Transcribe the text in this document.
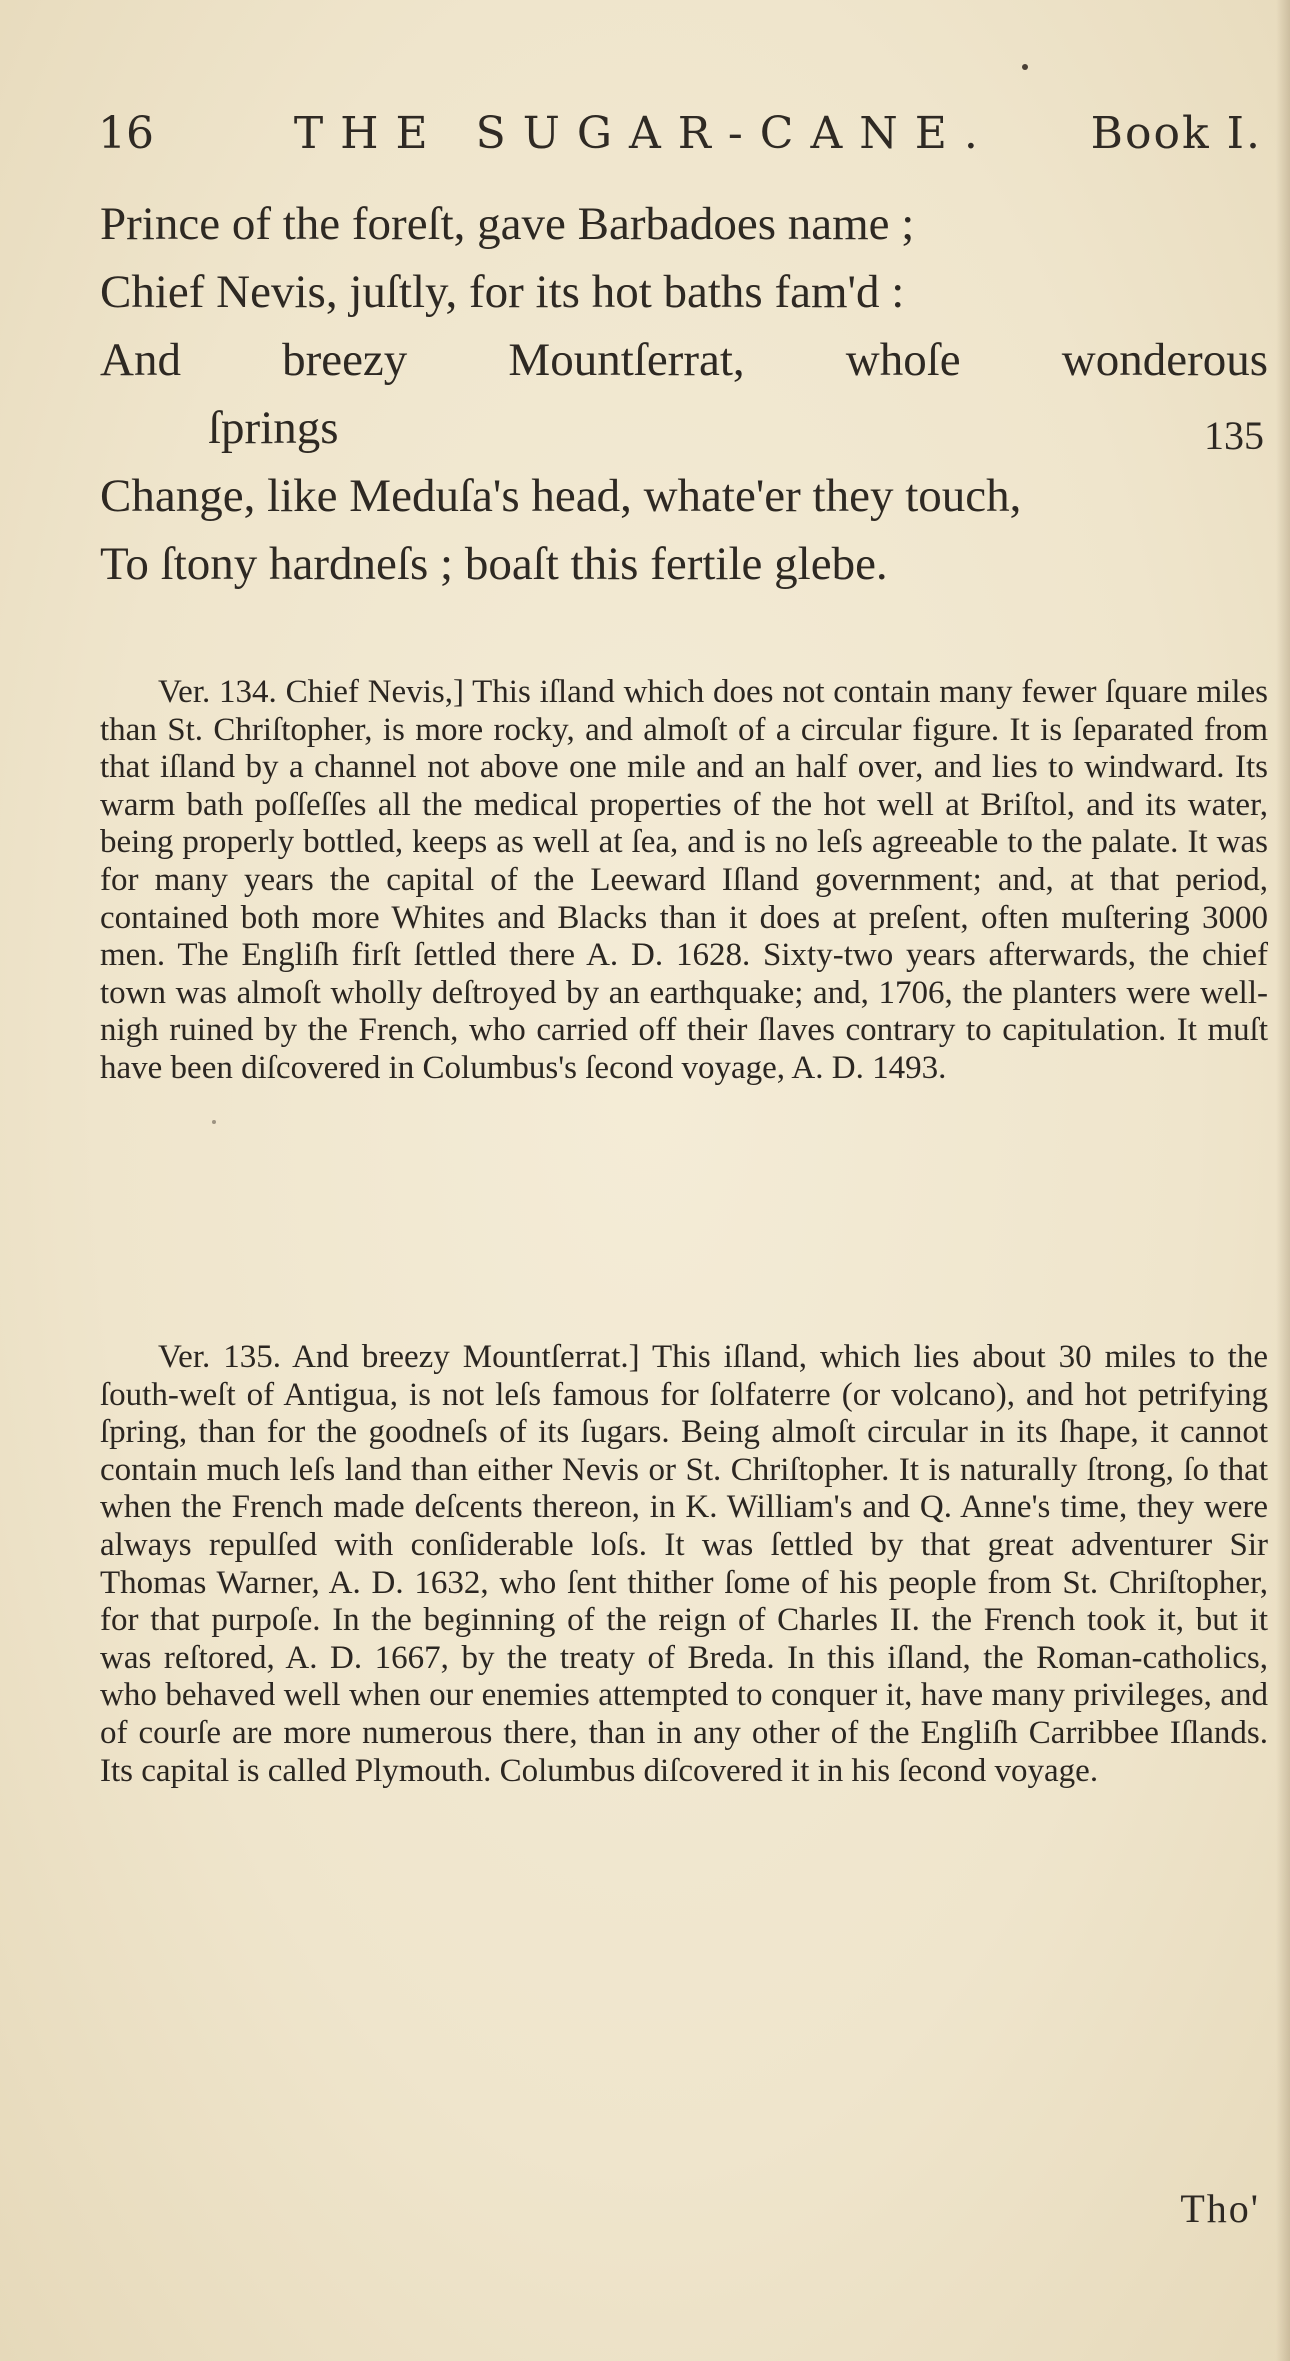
16	THE SUGAR-CANE.	Book I.
Prince of the foreſt, gave Barbadoes name ;
Chief Nevis, juſtly, for its hot baths fam'd :
And breezy Mountſerrat, whoſe wonderous
ſprings	135
Change, like Meduſa's head, whate'er they touch,
To ſtony hardneſs ; boaſt this fertile glebe.

Ver. 134. Chief Nevis,] This iſland which does not contain many fewer ſquare miles than St. Chriſtopher, is more rocky, and almoſt of a circular figure. It is ſeparated from that iſland by a channel not above one mile and an half over, and lies to windward. Its warm bath poſſeſſes all the medical properties of the hot well at Briſtol, and its water, being properly bottled, keeps as well at ſea, and is no leſs agreeable to the palate. It was for many years the capital of the Leeward Iſland government; and, at that period, contained both more Whites and Blacks than it does at preſent, often muſtering 3000 men. The Engliſh firſt ſettled there A. D. 1628. Sixty-two years afterwards, the chief town was almoſt wholly deſtroyed by an earthquake; and, 1706, the planters were well-nigh ruined by the French, who carried off their ſlaves contrary to capitulation. It muſt have been diſcovered in Columbus's ſecond voyage, A. D. 1493.

Ver. 135. And breezy Mountſerrat.] This iſland, which lies about 30 miles to the ſouth-weſt of Antigua, is not leſs famous for ſolfaterre (or volcano), and hot petrifying ſpring, than for the goodneſs of its ſugars. Being almoſt circular in its ſhape, it cannot contain much leſs land than either Nevis or St. Chriſtopher. It is naturally ſtrong, ſo that when the French made deſcents thereon, in K. William's and Q. Anne's time, they were always repulſed with conſiderable loſs. It was ſettled by that great adventurer Sir Thomas Warner, A. D. 1632, who ſent thither ſome of his people from St. Chriſtopher, for that purpoſe. In the beginning of the reign of Charles II. the French took it, but it was reſtored, A. D. 1667, by the treaty of Breda. In this iſland, the Roman-catholics, who behaved well when our enemies attempted to conquer it, have many privileges, and of courſe are more numerous there, than in any other of the Engliſh Carribbee Iſlands. Its capital is called Plymouth. Columbus diſcovered it in his ſecond voyage.

Tho'
